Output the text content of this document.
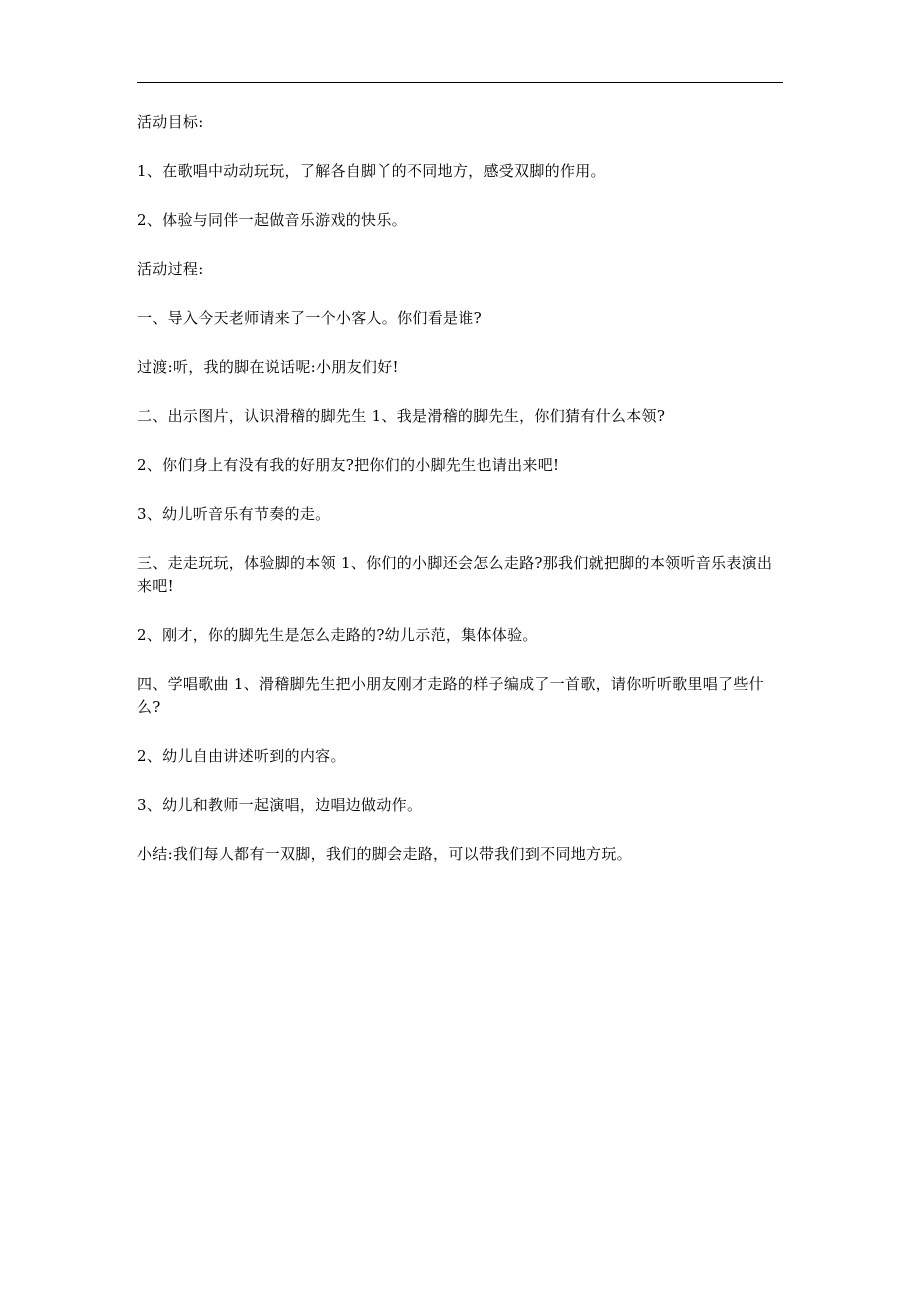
活动目标:

1、在歌唱中动动玩玩，了解各自脚丫的不同地方，感受双脚的作用。

2、体验与同伴一起做音乐游戏的快乐。

活动过程:

一、导入今天老师请来了一个小客人。你们看是谁?

过渡:听，我的脚在说话呢:小朋友们好!

二、出示图片，认识滑稽的脚先生 1、我是滑稽的脚先生，你们猜有什么本领?

2、你们身上有没有我的好朋友?把你们的小脚先生也请出来吧!

3、幼儿听音乐有节奏的走。

三、走走玩玩，体验脚的本领 1、你们的小脚还会怎么走路?那我们就把脚的本领听音乐表演出来吧!

2、刚才，你的脚先生是怎么走路的?幼儿示范，集体体验。

四、学唱歌曲 1、滑稽脚先生把小朋友刚才走路的样子编成了一首歌，请你听听歌里唱了些什么?

2、幼儿自由讲述听到的内容。

3、幼儿和教师一起演唱，边唱边做动作。

小结:我们每人都有一双脚，我们的脚会走路，可以带我们到不同地方玩。
